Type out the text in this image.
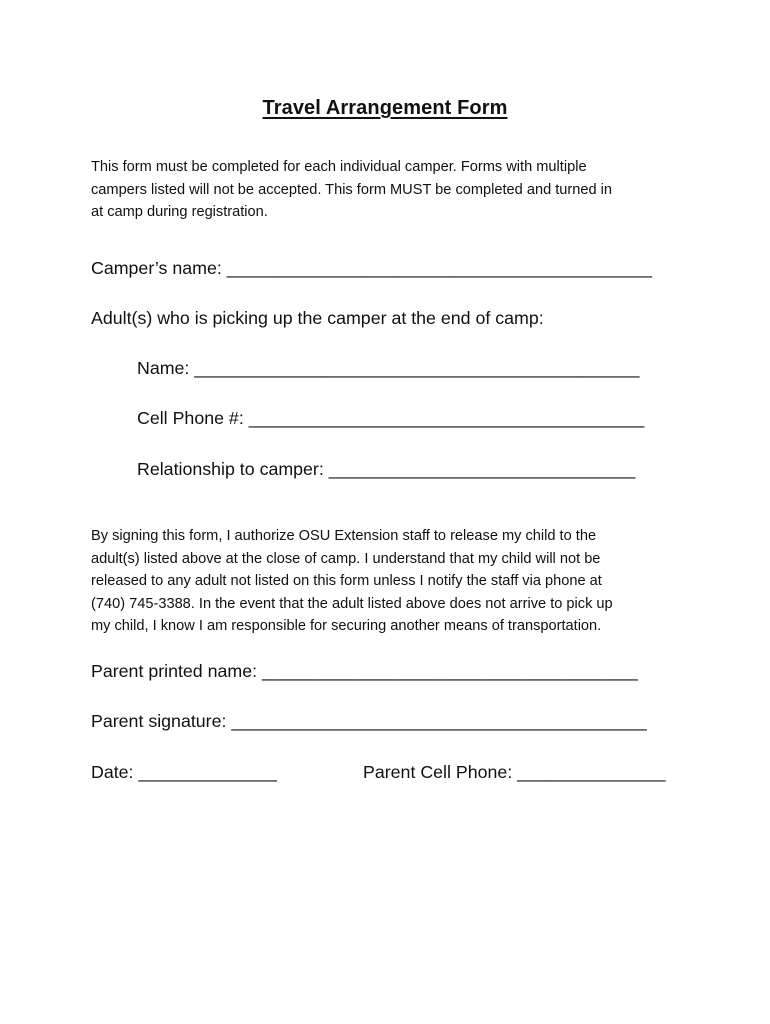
Travel Arrangement Form

This form must be completed for each individual camper. Forms with multiple
campers listed will not be accepted. This form MUST be completed and turned in
at camp during registration.

Camper’s name: ___________________________________________
Adult(s) who is picking up the camper at the end of camp:
Name: _____________________________________________
Cell Phone #: ________________________________________
Relationship to camper: _______________________________

By signing this form, I authorize OSU Extension staff to release my child to the
adult(s) listed above at the close of camp. I understand that my child will not be
released to any adult not listed on this form unless I notify the staff via phone at
(740) 745-3388. In the event that the adult listed above does not arrive to pick up
my child, I know I am responsible for securing another means of transportation.

Parent printed name: ______________________________________
Parent signature: __________________________________________
Date: ______________	Parent Cell Phone: _______________
